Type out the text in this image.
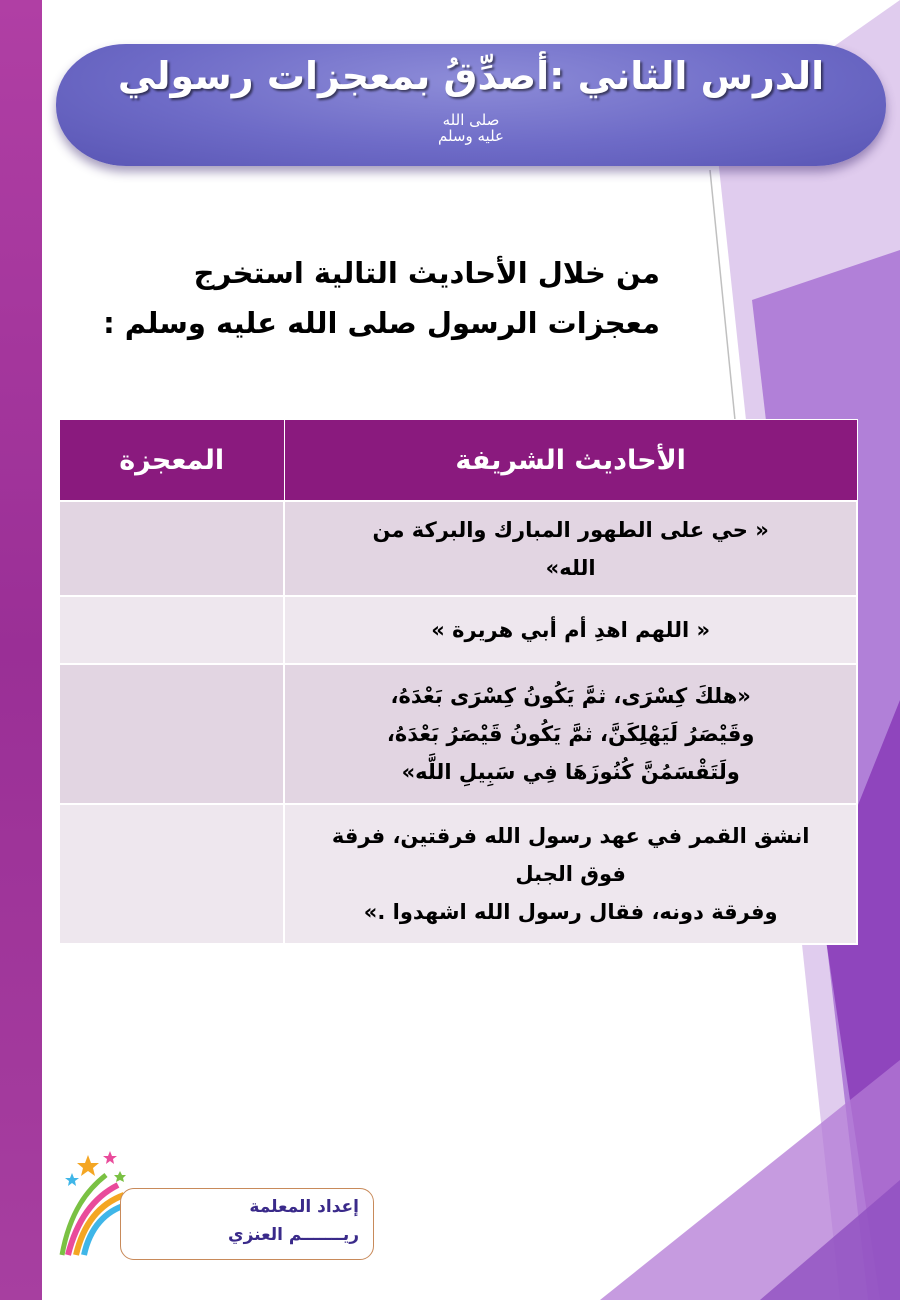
الدرس الثاني :أصدِّقُ بمعجزات رسولي
صلى الله
عليه وسلم
من خلال الأحاديث التالية استخرج
معجزات الرسول صلى الله عليه وسلم :
الأحاديث الشريفة	المعجزة

« حي على الطهور المبارك والبركة من
الله»	

« اللهم اهدِ أم أبي هريرة »	

«هلكَ كِسْرَى، ثمَّ يَكُونُ كِسْرَى بَعْدَهُ،
وقَيْصَرُ لَيَهْلِكَنَّ، ثمَّ يَكُونُ قَيْصَرُ بَعْدَهُ،
ولَتَقْسَمُنَّ كُنُوزَهَا فِي سَبِيلِ اللَّه»	

انشق القمر في عهد رسول الله فرقتين، فرقة
فوق الجبل
وفرقة دونه، فقال رسول الله اشهدوا .»	

إعداد المعلمة
ريـــــــم العنزي
